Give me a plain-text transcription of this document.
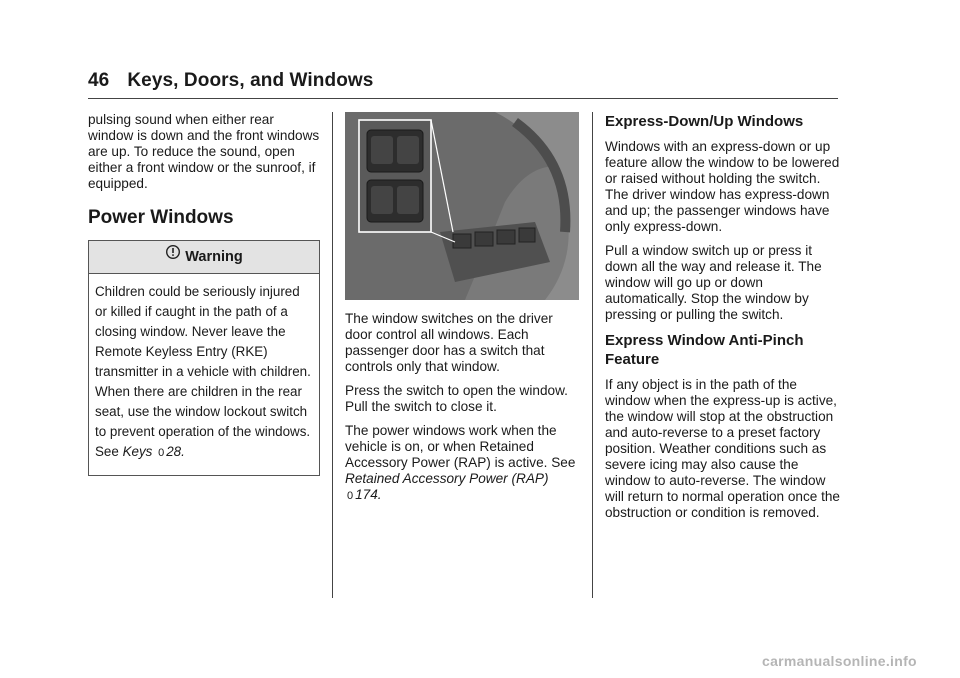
46 Keys, Doors, and Windows

pulsing sound when either rear window is down and the front windows are up. To reduce the sound, open either a front window or the sunroof, if equipped.

Power Windows
Warning
Children could be seriously injured or killed if caught in the path of a closing window. Never leave the Remote Keyless Entry (RKE) transmitter in a vehicle with children. When there are children in the rear seat, use the window lockout switch to prevent operation of the windows. See Keys 0 28.

The window switches on the driver door control all windows. Each passenger door has a switch that controls only that window.

Press the switch to open the window. Pull the switch to close it.

The power windows work when the vehicle is on, or when Retained Accessory Power (RAP) is active. See Retained Accessory Power (RAP) 0 174.

Express-Down/Up Windows

Windows with an express-down or up feature allow the window to be lowered or raised without holding the switch. The driver window has express-down and up; the passenger windows have only express-down.

Pull a window switch up or press it down all the way and release it. The window will go up or down automatically. Stop the window by pressing or pulling the switch.

Express Window Anti-Pinch Feature

If any object is in the path of the window when the express-up is active, the window will stop at the obstruction and auto-reverse to a preset factory position. Weather conditions such as severe icing may also cause the window to auto-reverse. The window will return to normal operation once the obstruction or condition is removed.

carmanualsonline.info
